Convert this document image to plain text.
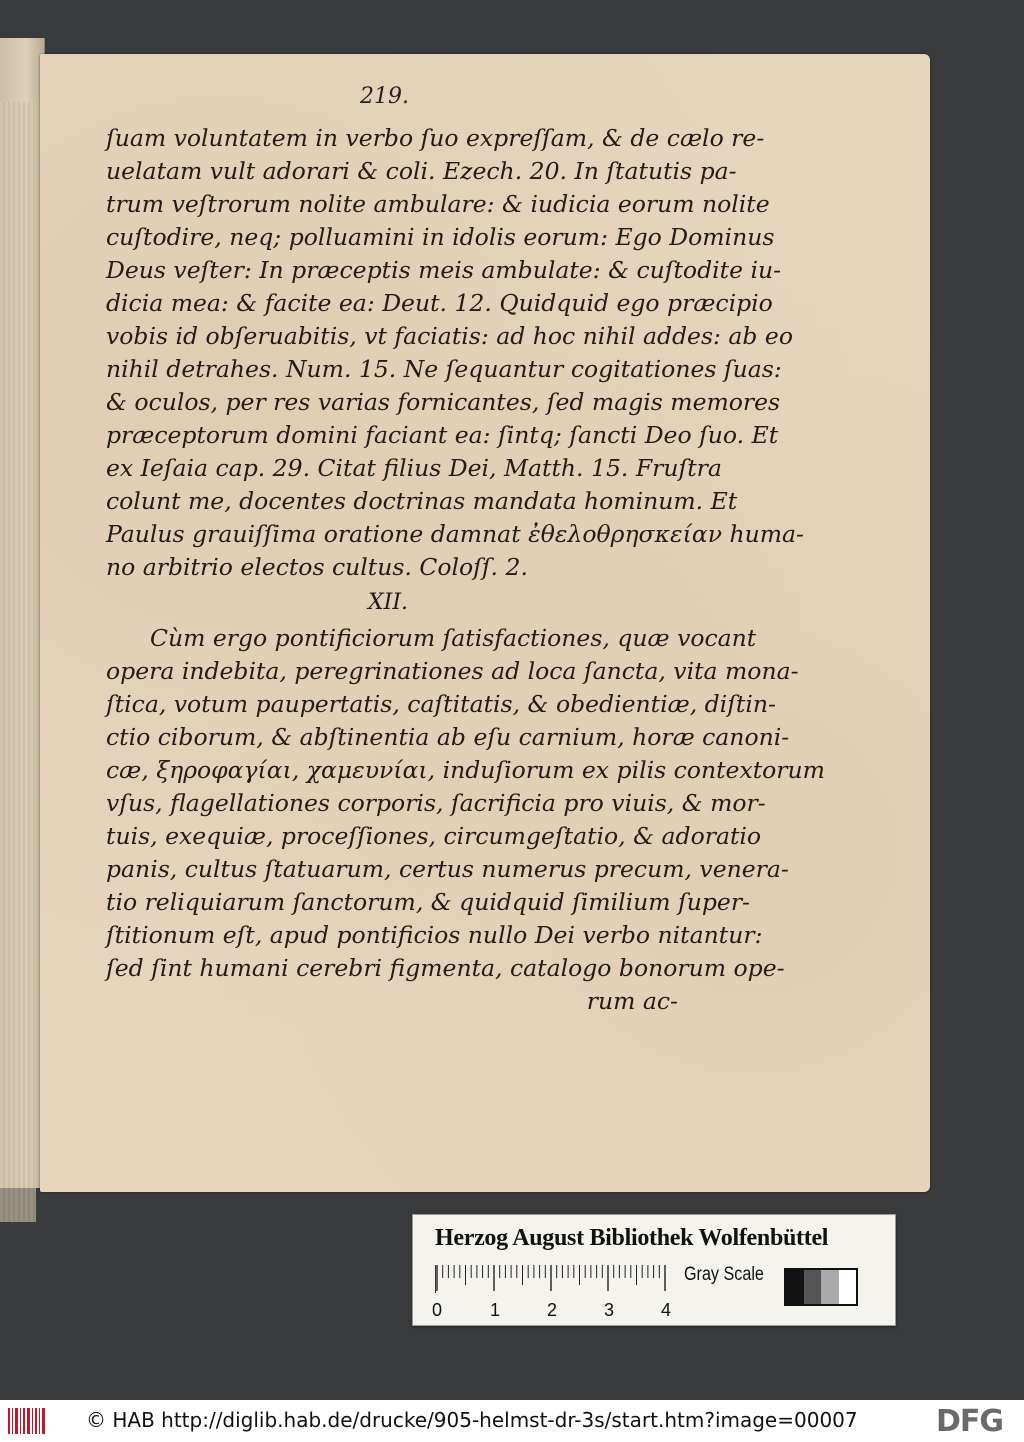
219.
ſuam voluntatem in verbo ſuo expreſſam, & de cælo re-
uelatam vult adorari & coli. Ezech. 20. In ſtatutis pa-
trum veſtrorum nolite ambulare: & iudicia eorum nolite
cuſtodire, neq; polluamini in idolis eorum: Ego Dominus
Deus veſter: In præceptis meis ambulate: & cuſtodite iu-
dicia mea: & facite ea: Deut. 12. Quidquid ego præcipio
vobis id obſeruabitis, vt faciatis: ad hoc nihil addes: ab eo
nihil detrahes. Num. 15. Ne ſequantur cogitationes ſuas:
& oculos, per res varias fornicantes, ſed magis memores
præceptorum domini faciant ea: ſintq; ſancti Deo ſuo. Et
ex Ieſaia cap. 29. Citat filius Dei, Matth. 15. Fruſtra
colunt me, docentes doctrinas mandata hominum. Et
Paulus grauiſſima oratione damnat ἐθελοθρησκείαν huma-
no arbitrio electos cultus. Coloſſ. 2.
XII.
Cùm ergo pontificiorum ſatisfactiones, quæ vocant
opera indebita, peregrinationes ad loca ſancta, vita mona-
ſtica, votum paupertatis, caſtitatis, & obedientiæ, diſtin-
ctio ciborum, & abſtinentia ab eſu carnium, horæ canoni-
cæ, ξηροφαγίαι, χαμευνίαι, induſiorum ex pilis contextorum
vſus, flagellationes corporis, ſacrificia pro viuis, & mor-
tuis, exequiæ, proceſſiones, circumgeſtatio, & adoratio
panis, cultus ſtatuarum, certus numerus precum, venera-
tio reliquiarum ſanctorum, & quidquid ſimilium ſuper-
ſtitionum eſt, apud pontificios nullo Dei verbo nitantur:
ſed ſint humani cerebri figmenta, catalogo bonorum ope-
rum ac-
Herzog August Bibliothek Wolfenbüttel
0	1	2	3	4
Gray Scale
© HAB http://diglib.hab.de/drucke/905-helmst-dr-3s/start.htm?image=00007	DFG
